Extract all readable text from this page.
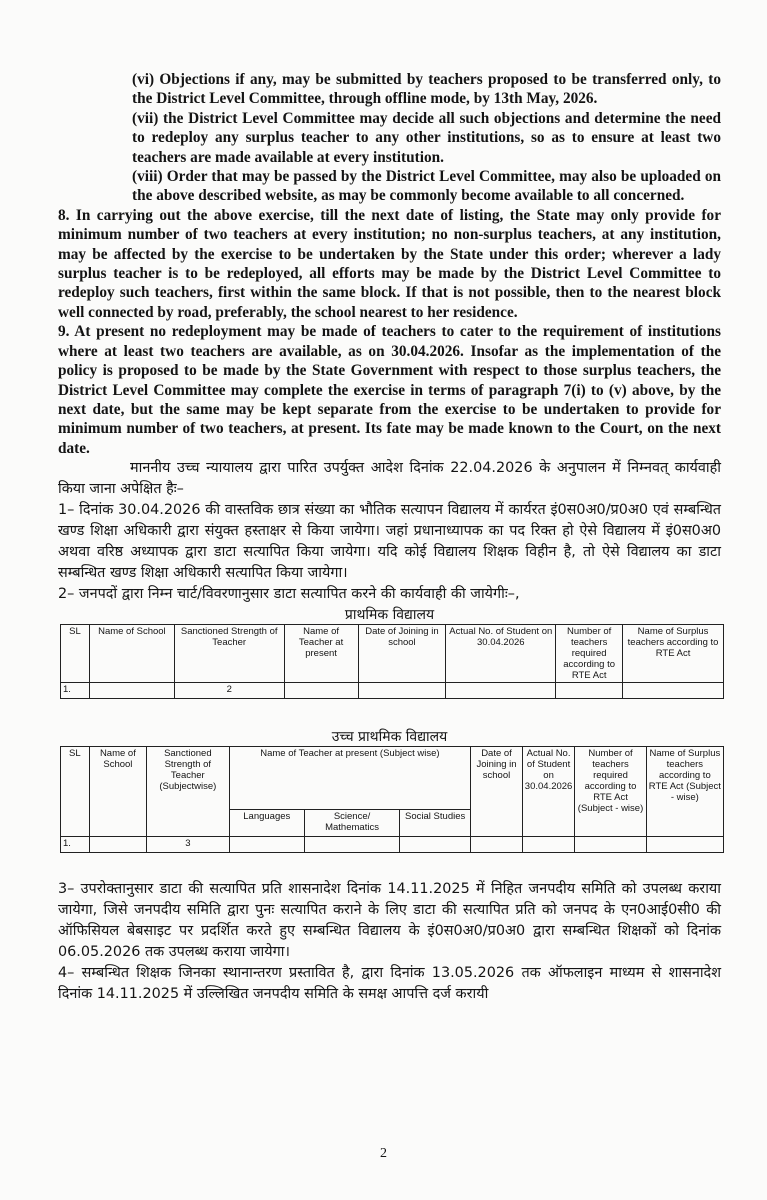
(vi) Objections if any, may be submitted by teachers proposed to be transferred only, to the District Level Committee, through offline mode, by 13th May, 2026.

(vii) the District Level Committee may decide all such objections and determine the need to redeploy any surplus teacher to any other institutions, so as to ensure at least two teachers are made available at every institution.

(viii) Order that may be passed by the District Level Committee, may also be uploaded on the above described website, as may be commonly become available to all concerned.

8. In carrying out the above exercise, till the next date of listing, the State may only provide for minimum number of two teachers at every institution; no non-surplus teachers, at any institution, may be affected by the exercise to be undertaken by the State under this order; wherever a lady surplus teacher is to be redeployed, all efforts may be made by the District Level Committee to redeploy such teachers, first within the same block. If that is not possible, then to the nearest block well connected by road, preferably, the school nearest to her residence.

9. At present no redeployment may be made of teachers to cater to the requirement of institutions where at least two teachers are available, as on 30.04.2026. Insofar as the implementation of the policy is proposed to be made by the State Government with respect to those surplus teachers, the District Level Committee may complete the exercise in terms of paragraph 7(i) to (v) above, by the next date, but the same may be kept separate from the exercise to be undertaken to provide for minimum number of two teachers, at present. Its fate may be made known to the Court, on the next date.

माननीय उच्च न्यायालय द्वारा पारित उपर्युक्त आदेश दिनांक 22.04.2026 के अनुपालन में निम्नवत् कार्यवाही किया जाना अपेक्षित हैः–

1– दिनांक 30.04.2026 की वास्तविक छात्र संख्या का भौतिक सत्यापन विद्यालय में कार्यरत इं0स0अ0/प्र0अ0 एवं सम्बन्धित खण्ड शिक्षा अधिकारी द्वारा संयुक्त हस्ताक्षर से किया जायेगा। जहां प्रधानाध्यापक का पद रिक्त हो ऐसे विद्यालय में इं0स0अ0 अथवा वरिष्ठ अध्यापक द्वारा डाटा सत्यापित किया जायेगा। यदि कोई विद्यालय शिक्षक विहीन है, तो ऐसे विद्यालय का डाटा सम्बन्धित खण्ड शिक्षा अधिकारी सत्यापित किया जायेगा।

2– जनपदों द्वारा निम्न चार्ट/विवरणानुसार डाटा सत्यापित करने की कार्यवाही की जायेगीः–,

प्राथमिक विद्यालय
SL	Name of School	Sanctioned Strength of Teacher	Name of Teacher at present	Date of Joining in school	Actual No. of Student on 30.04.2026	Number of teachers required according to RTE Act	Name of Surplus teachers according to RTE Act
1.		2					
उच्च प्राथमिक विद्यालय
SL	Name of School	Sanctioned Strength of Teacher (Subjectwise)	Name of Teacher at present (Subject wise)			Date of Joining in school	Actual No. of Student on 30.04.2026	Number of teachers required according to RTE Act (Subject - wise)	Name of Surplus teachers according to RTE Act (Subject - wise)
			Languages	Science/ Mathematics	Social Studies				
1.		3							

3– उपरोक्तानुसार डाटा की सत्यापित प्रति शासनादेश दिनांक 14.11.2025 में निहित जनपदीय समिति को उपलब्ध कराया जायेगा, जिसे जनपदीय समिति द्वारा पुनः सत्यापित कराने के लिए डाटा की सत्यापित प्रति को जनपद के एन0आई0सी0 की ऑफिसियल बेबसाइट पर प्रदर्शित करते हुए सम्बन्धित विद्यालय के इं0स0अ0/प्र0अ0 द्वारा सम्बन्धित शिक्षकों को दिनांक 06.05.2026 तक उपलब्ध कराया जायेगा।

4– सम्बन्धित शिक्षक जिनका स्थानान्तरण प्रस्तावित है, द्वारा दिनांक 13.05.2026 तक ऑफलाइन माध्यम से शासनादेश दिनांक 14.11.2025 में उल्लिखित जनपदीय समिति के समक्ष आपत्ति दर्ज करायी

2
